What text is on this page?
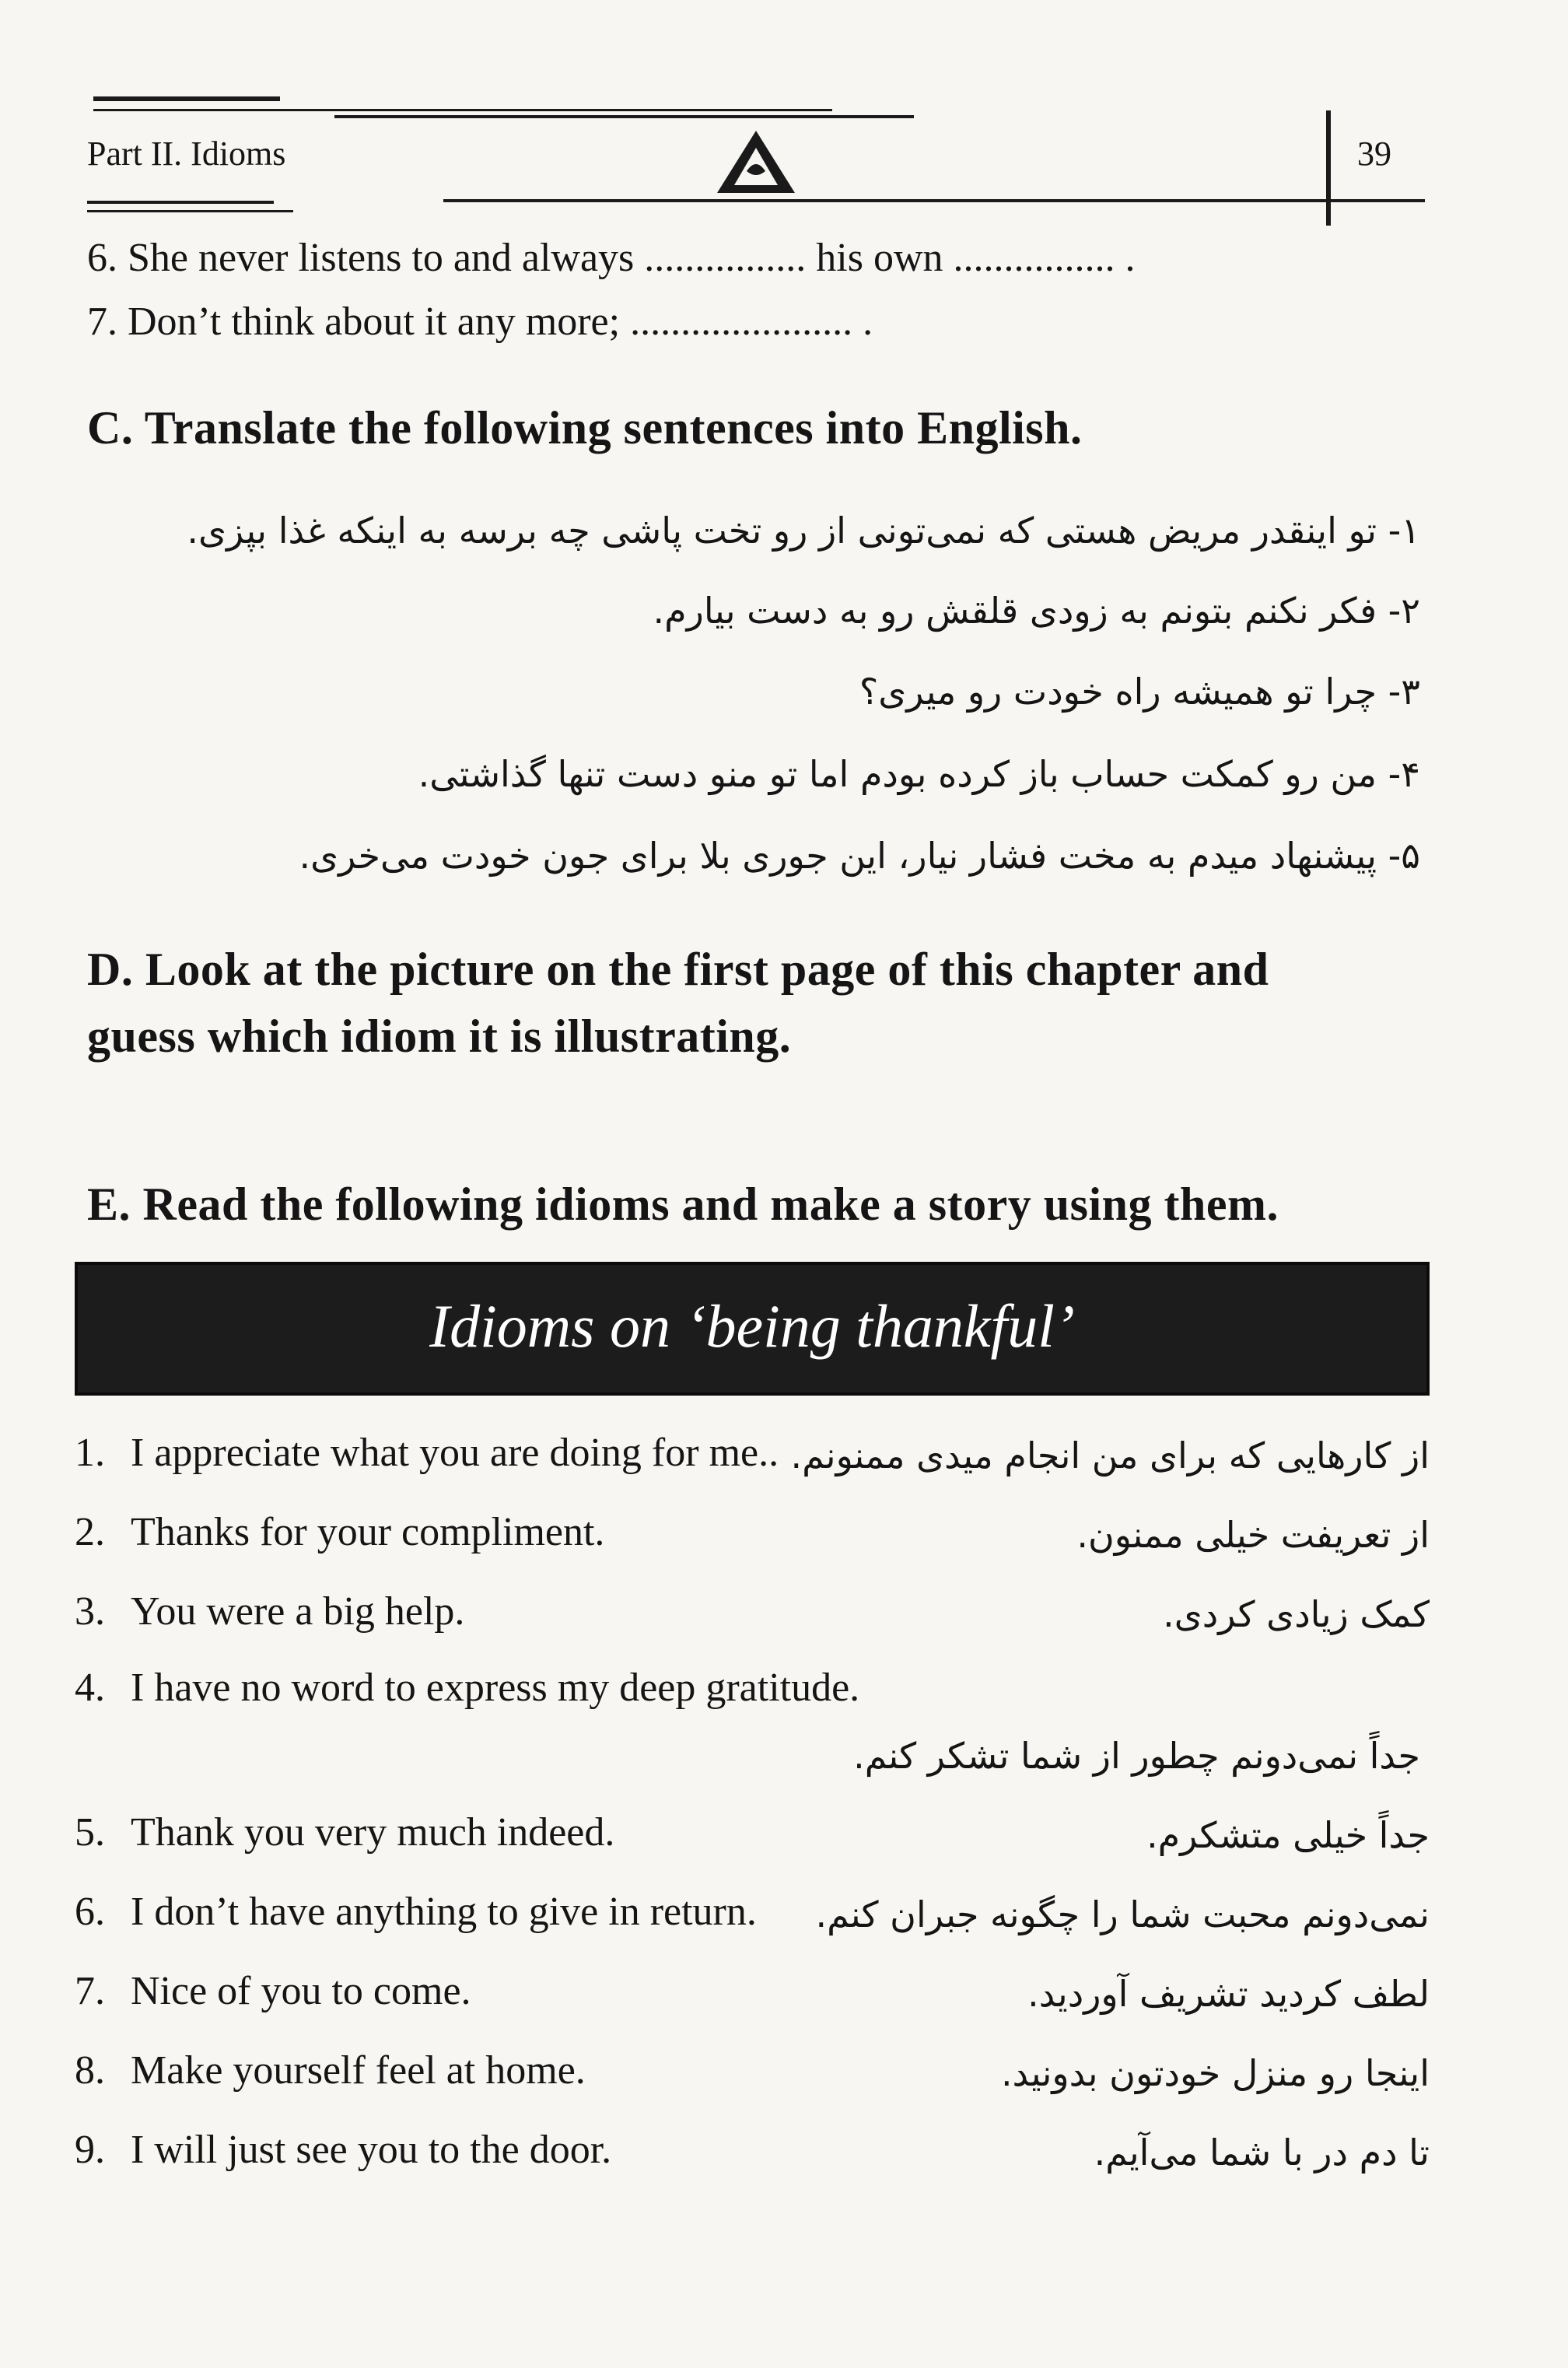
Part II. Idioms	39
6. She never listens to and always ................ his own ................ .
7. Don’t think about it any more; ...................... .
C. Translate the following sentences into English.
۱- تو اینقدر مریض هستی که نمی‌تونی از رو تخت پاشی چه برسه به اینکه غذا بپزی.
۲- فکر نکنم بتونم به زودی قلقش رو به دست بیارم.
۳- چرا تو همیشه راه خودت رو میری؟
۴- من رو کمکت حساب باز کرده بودم اما تو منو دست تنها گذاشتی.
۵- پیشنهاد میدم به مخت فشار نیار، این جوری بلا برای جون خودت می‌خری.
D. Look at the picture on the first page of this chapter and
guess which idiom it is illustrating.
E. Read the following idioms and make a story using them.
Idioms on ‘being thankful’
1. I appreciate what you are doing for me.. از کارهایی که برای من انجام میدی ممنونم.
2. Thanks for your compliment.	از تعریفت خیلی ممنون.
3. You were a big help.	کمک زیادی کردی.
4. I have no word to express my deep gratitude.
جداً نمی‌دونم چطور از شما تشکر کنم.
5. Thank you very much indeed.	جداً خیلی متشکرم.
6. I don’t have anything to give in return. نمی‌دونم محبت شما را چگونه جبران کنم.
7. Nice of you to come.	لطف کردید تشریف آوردید.
8. Make yourself feel at home.	اینجا رو منزل خودتون بدونید.
9. I will just see you to the door.	تا دم در با شما می‌آیم.
